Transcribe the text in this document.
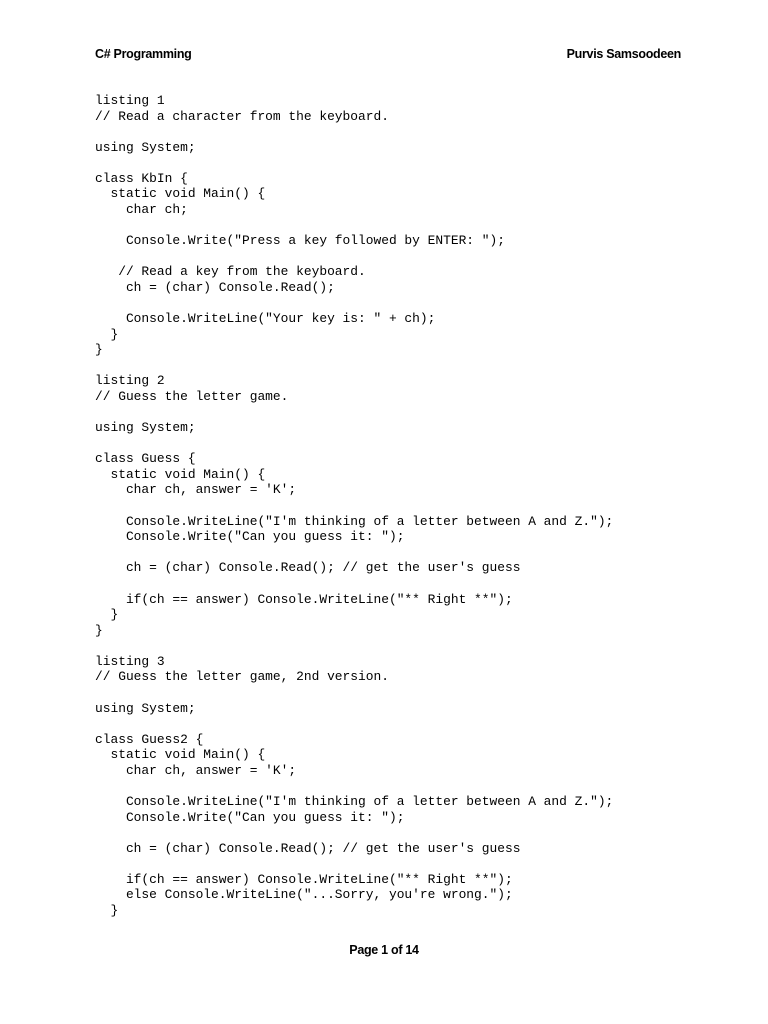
C# Programming	Purvis Samsoodeen
listing 1
// Read a character from the keyboard.
using System;
class KbIn {
static void Main() {
char ch;
Console.Write("Press a key followed by ENTER: ");
// Read a key from the keyboard.
ch = (char) Console.Read();
Console.WriteLine("Your key is: " + ch);
}
}
listing 2
// Guess the letter game.
using System;
class Guess {
static void Main() {
char ch, answer = 'K';
Console.WriteLine("I'm thinking of a letter between A and Z.");
Console.Write("Can you guess it: ");
ch = (char) Console.Read(); // get the user's guess
if(ch == answer) Console.WriteLine("** Right **");
}
}
listing 3
// Guess the letter game, 2nd version.
using System;
class Guess2 {
static void Main() {
char ch, answer = 'K';
Console.WriteLine("I'm thinking of a letter between A and Z.");
Console.Write("Can you guess it: ");
ch = (char) Console.Read(); // get the user's guess
if(ch == answer) Console.WriteLine("** Right **");
else Console.WriteLine("...Sorry, you're wrong.");
}
Page 1 of 14
